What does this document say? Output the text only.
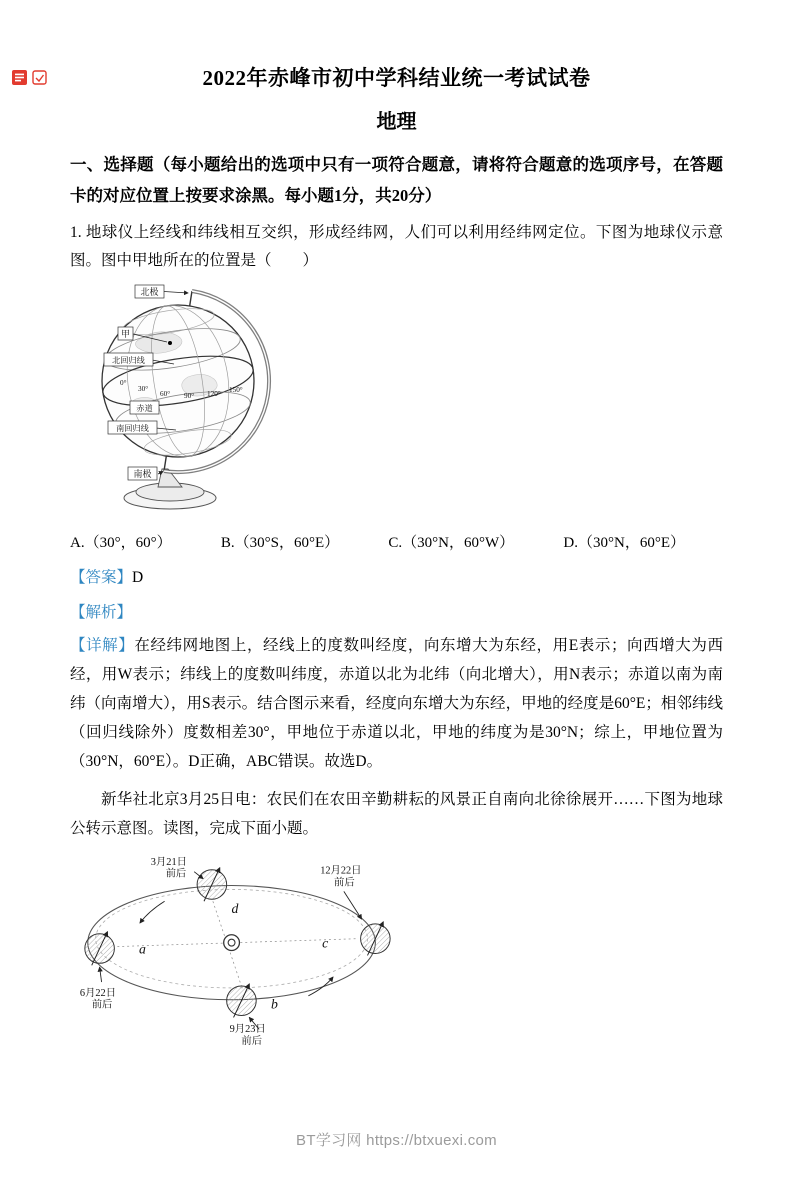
2022年赤峰市初中学科结业统一考试试卷
地理
一、选择题（每小题给出的选项中只有一项符合题意，请将符合题意的选项序号，在答题卡的对应位置上按要求涂黑。每小题1分，共20分）
1. 地球仪上经线和纬线相互交织，形成经纬网，人们可以利用经纬网定位。下图为地球仪示意图。图中甲地所在的位置是（　　）
0°
30°
60° 90° 120° 150°
北极
甲
北回归线
赤道
南回归线
南极
A.（30°，60°）	B.（30°S，60°E）	C.（30°N，60°W）	D.（30°N，60°E）
【答案】D
【解析】
【详解】在经纬网地图上，经线上的度数叫经度，向东增大为东经，用E表示；向西增大为西经，用W表示；纬线上的度数叫纬度，赤道以北为北纬（向北增大），用N表示；赤道以南为南纬（向南增大），用S表示。结合图示来看，经度向东增大为东经，甲地的经度是60°E；相邻纬线（回归线除外）度数相差30°，甲地位于赤道以北，甲地的纬度为是30°N；综上，甲地位置为（30°N，60°E）。D正确，ABC错误。故选D。
新华社北京3月25日电：农民们在农田辛勤耕耘的风景正自南向北徐徐展开……下图为地球公转示意图。读图，完成下面小题。
a
b
c
d
3月21日 前后	12月22日 前后
6月22日 前后
9月23日 前后
BT学习网 https://btxuexi.com
